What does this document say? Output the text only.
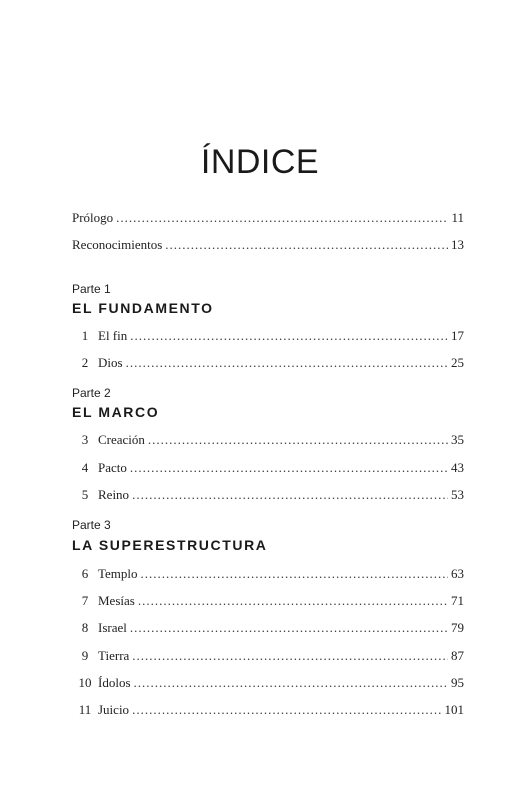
ÍNDICE
Prólogo .....	11
Reconocimientos .....	13
Parte 1
EL FUNDAMENTO
1 El fin .....	17
2 Dios .....	25
Parte 2
EL MARCO
3 Creación .....	35
4 Pacto .....	43
5 Reino .....	53
Parte 3
LA SUPERESTRUCTURA
6 Templo .....	63
7 Mesías .....	71
8 Israel .....	79
9 Tierra .....	87
10 Ídolos .....	95
11 Juicio .....	101
